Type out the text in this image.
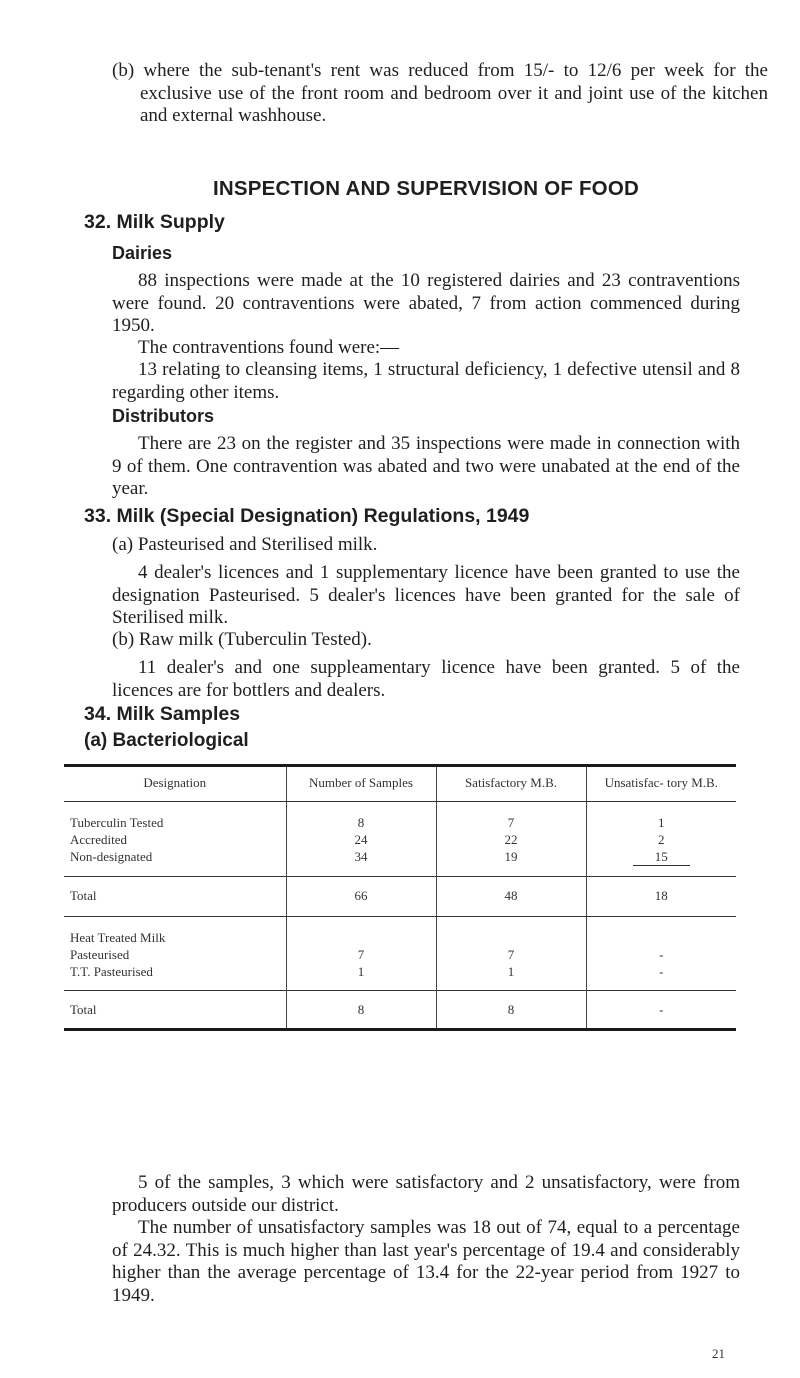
(b) where the sub-tenant's rent was reduced from 15/- to 12/6 per week for the exclusive use of the front room and bedroom over it and joint use of the kitchen and external washhouse.

INSPECTION AND SUPERVISION OF FOOD
32. Milk Supply
Dairies

88 inspections were made at the 10 registered dairies and 23 contraventions were found. 20 contraventions were abated, 7 from action commenced during 1950.

The contraventions found were:—

13 relating to cleansing items, 1 structural deficiency, 1 defective utensil and 8 regarding other items.

Distributors

There are 23 on the register and 35 inspections were made in connection with 9 of them. One contravention was abated and two were unabated at the end of the year.

33. Milk (Special Designation) Regulations, 1949

(a) Pasteurised and Sterilised milk.

4 dealer's licences and 1 supplementary licence have been granted to use the designation Pasteurised. 5 dealer's licences have been granted for the sale of Sterilised milk.

(b) Raw milk (Tuberculin Tested).

11 dealer's and one suppleamentary licence have been granted. 5 of the licences are for bottlers and dealers.

34. Milk Samples
(a) Bacteriological
Designation	Number of Samples	Satisfactory M.B.	Unsatisfac- tory M.B.
Tuberculin Tested	8	7	1
Accredited	24	22	2
Non-designated	34	19	15
Total	66	48	18
Heat Treated Milk			
Pasteurised	7	7	-
T.T. Pasteurised	1	1	-
Total	8	8	-

5 of the samples, 3 which were satisfactory and 2 unsatisfactory, were from producers outside our district.

The number of unsatisfactory samples was 18 out of 74, equal to a percentage of 24.32. This is much higher than last year's percentage of 19.4 and considerably higher than the average percentage of 13.4 for the 22-year period from 1927 to 1949.

21
